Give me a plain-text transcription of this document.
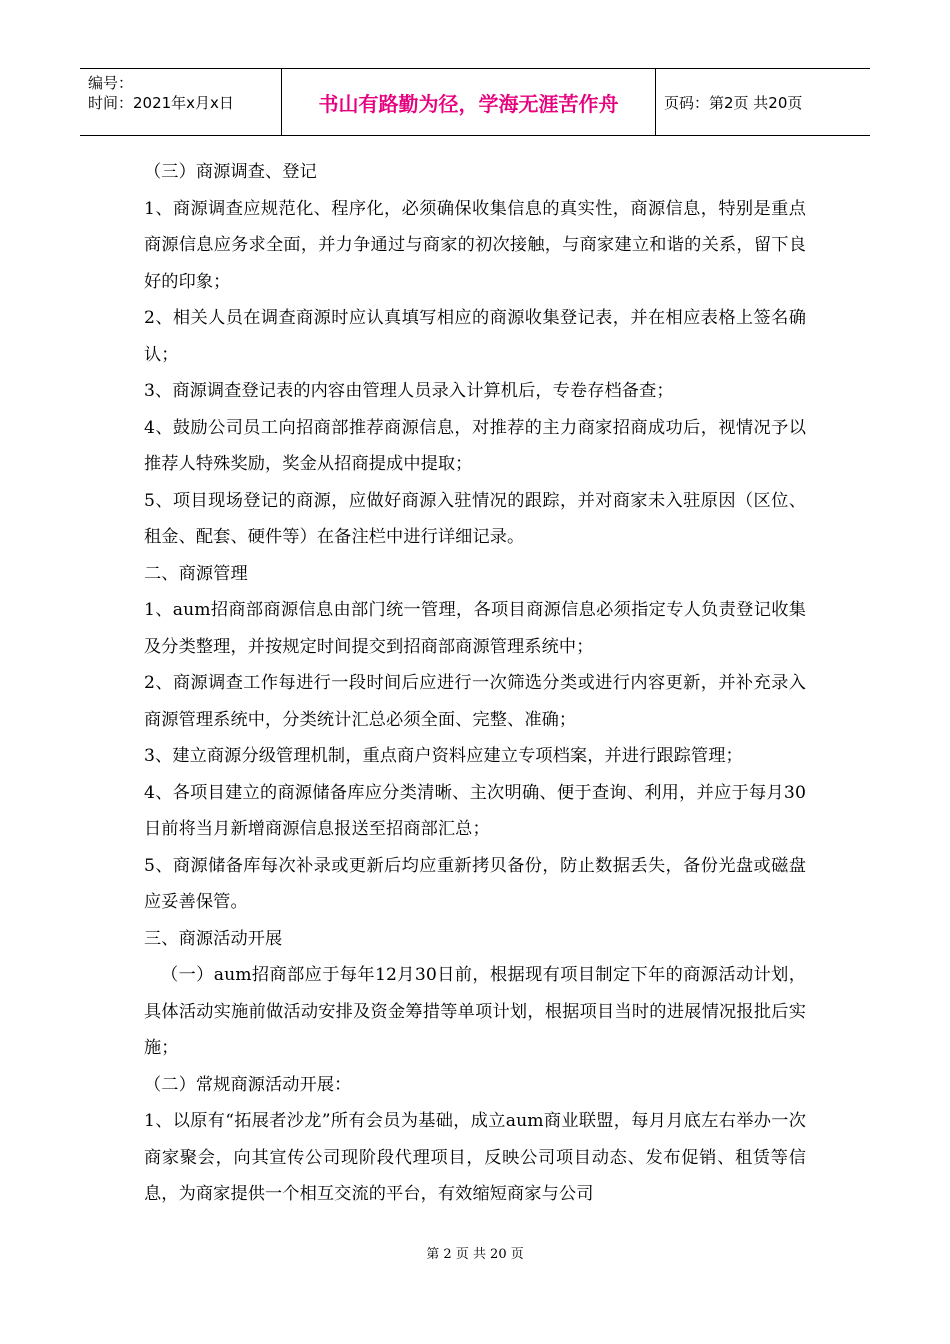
编号：
时间：2021年x月x日	书山有路勤为径，学海无涯苦作舟	页码：第2页 共20页

（三）商源调查、登记

1、商源调查应规范化、程序化，必须确保收集信息的真实性，商源信息，特别是重点商源信息应务求全面，并力争通过与商家的初次接触，与商家建立和谐的关系，留下良好的印象；

2、相关人员在调查商源时应认真填写相应的商源收集登记表，并在相应表格上签名确认；

3、商源调查登记表的内容由管理人员录入计算机后，专卷存档备查；

4、鼓励公司员工向招商部推荐商源信息，对推荐的主力商家招商成功后，视情况予以推荐人特殊奖励，奖金从招商提成中提取；

5、项目现场登记的商源，应做好商源入驻情况的跟踪，并对商家未入驻原因（区位、租金、配套、硬件等）在备注栏中进行详细记录。

二、商源管理

1、aum招商部商源信息由部门统一管理，各项目商源信息必须指定专人负责登记收集及分类整理，并按规定时间提交到招商部商源管理系统中；

2、商源调查工作每进行一段时间后应进行一次筛选分类或进行内容更新，并补充录入商源管理系统中，分类统计汇总必须全面、完整、准确；

3、建立商源分级管理机制，重点商户资料应建立专项档案，并进行跟踪管理；

4、各项目建立的商源储备库应分类清晰、主次明确、便于查询、利用，并应于每月30日前将当月新增商源信息报送至招商部汇总；

5、商源储备库每次补录或更新后均应重新拷贝备份，防止数据丢失，备份光盘或磁盘应妥善保管。

三、商源活动开展

（一）aum招商部应于每年12月30日前，根据现有项目制定下年的商源活动计划，具体活动实施前做活动安排及资金筹措等单项计划，根据项目当时的进展情况报批后实施；

（二）常规商源活动开展：

1、以原有“拓展者沙龙”所有会员为基础，成立aum商业联盟，每月月底左右举办一次商家聚会，向其宣传公司现阶段代理项目，反映公司项目动态、发布促销、租赁等信息，为商家提供一个相互交流的平台，有效缩短商家与公司

第 2 页 共 20 页
